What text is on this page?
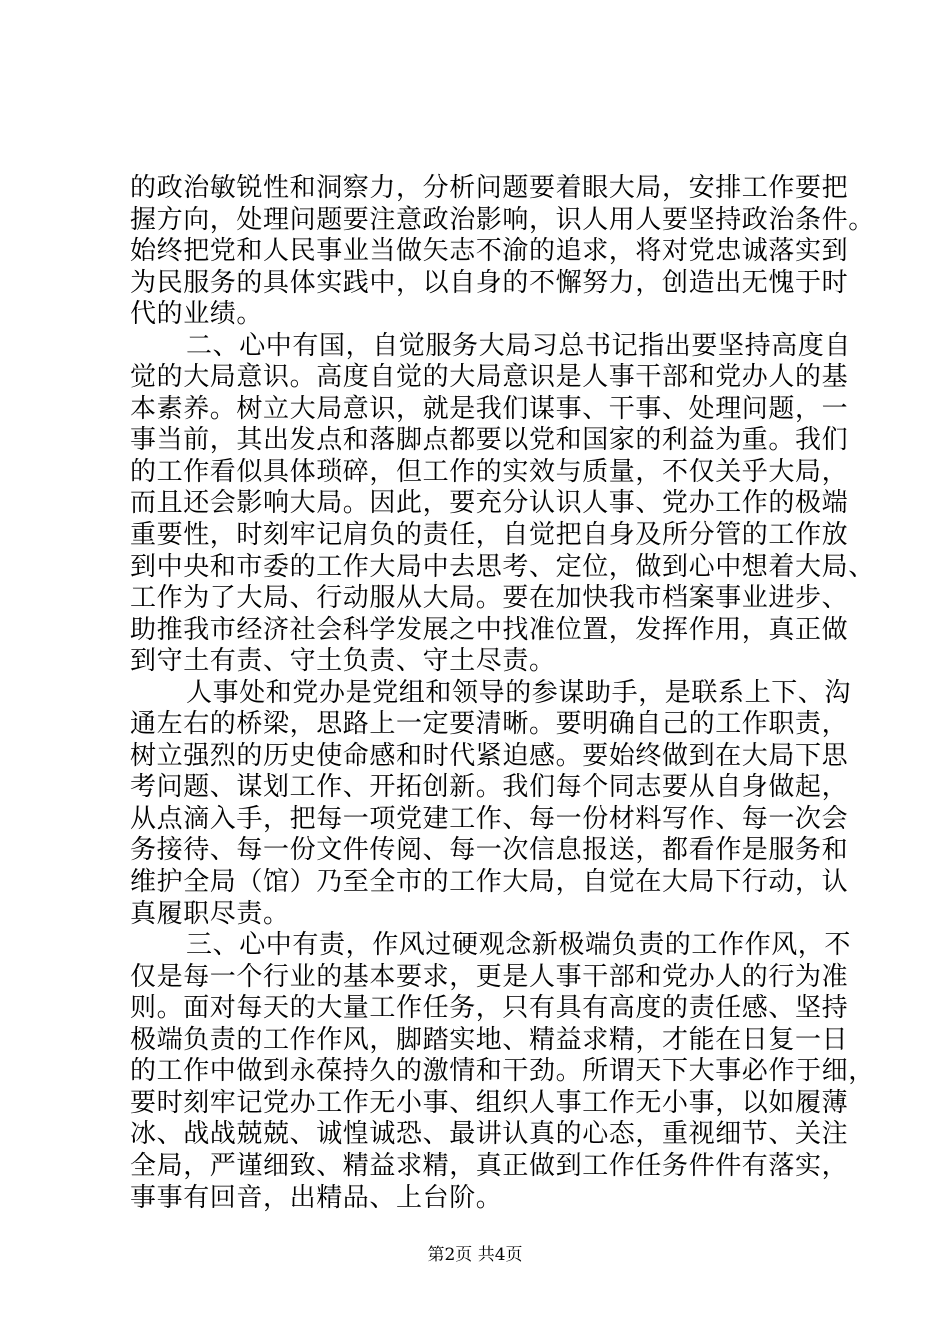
的政治敏锐性和洞察力，分析问题要着眼大局，安排工作要把
握方向，处理问题要注意政治影响，识人用人要坚持政治条件。
始终把党和人民事业当做矢志不渝的追求，将对党忠诚落实到
为民服务的具体实践中，以自身的不懈努力，创造出无愧于时
代的业绩。
二、心中有国，自觉服务大局习总书记指出要坚持高度自
觉的大局意识。高度自觉的大局意识是人事干部和党办人的基
本素养。树立大局意识，就是我们谋事、干事、处理问题，一
事当前，其出发点和落脚点都要以党和国家的利益为重。我们
的工作看似具体琐碎，但工作的实效与质量，不仅关乎大局，
而且还会影响大局。因此，要充分认识人事、党办工作的极端
重要性，时刻牢记肩负的责任，自觉把自身及所分管的工作放
到中央和市委的工作大局中去思考、定位，做到心中想着大局、
工作为了大局、行动服从大局。要在加快我市档案事业进步、
助推我市经济社会科学发展之中找准位置，发挥作用，真正做
到守土有责、守土负责、守土尽责。
人事处和党办是党组和领导的参谋助手，是联系上下、沟
通左右的桥梁，思路上一定要清晰。要明确自己的工作职责，
树立强烈的历史使命感和时代紧迫感。要始终做到在大局下思
考问题、谋划工作、开拓创新。我们每个同志要从自身做起，
从点滴入手，把每一项党建工作、每一份材料写作、每一次会
务接待、每一份文件传阅、每一次信息报送，都看作是服务和
维护全局（馆）乃至全市的工作大局，自觉在大局下行动，认
真履职尽责。
三、心中有责，作风过硬观念新极端负责的工作作风，不
仅是每一个行业的基本要求，更是人事干部和党办人的行为准
则。面对每天的大量工作任务，只有具有高度的责任感、坚持
极端负责的工作作风，脚踏实地、精益求精，才能在日复一日
的工作中做到永葆持久的激情和干劲。所谓天下大事必作于细，
要时刻牢记党办工作无小事、组织人事工作无小事，以如履薄
冰、战战兢兢、诚惶诚恐、最讲认真的心态，重视细节、关注
全局，严谨细致、精益求精，真正做到工作任务件件有落实，
事事有回音，出精品、上台阶。
第2页 共4页
